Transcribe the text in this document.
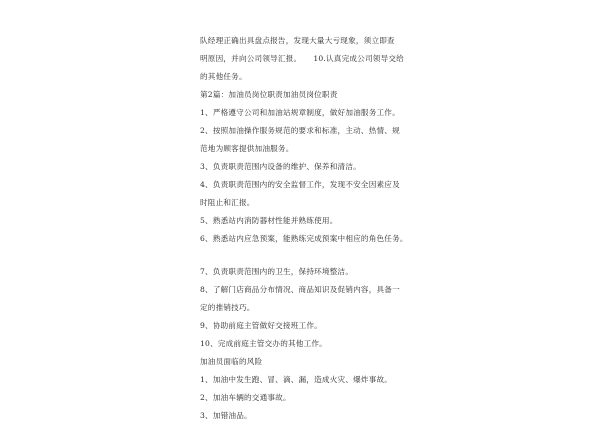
队经理正确出具盘点报告，发现大量大亏现象，须立即查
明原因，并向公司领导汇报。 10.认真完成公司领导交给
的其他任务。
第2篇：加油员岗位职责加油员岗位职责
1、严格遵守公司和加油站规章制度，做好加油服务工作。
2、按照加油操作服务规范的要求和标准，主动、热情、规
范地为顾客提供加油服务。
3、负责职责范围内设备的维护、保养和清洁。
4、负责职责范围内的安全监督工作，发现不安全因素应及
时阻止和汇报。
5、熟悉站内消防器材性能并熟练使用。
6、熟悉站内应急预案，能熟练完成预案中相应的角色任务。
7、负责职责范围内的卫生，保持环境整洁。
8、了解门店商品分布情况、商品知识及促销内容，具备一
定的推销技巧。
9、协助前庭主管做好交接班工作。
10、完成前庭主管交办的其他工作。
加油员面临的风险
1、加油中发生跑、冒、滴、漏，造成火灾、爆炸事故。
2、加油车辆的交通事故。
3、加错油品。
